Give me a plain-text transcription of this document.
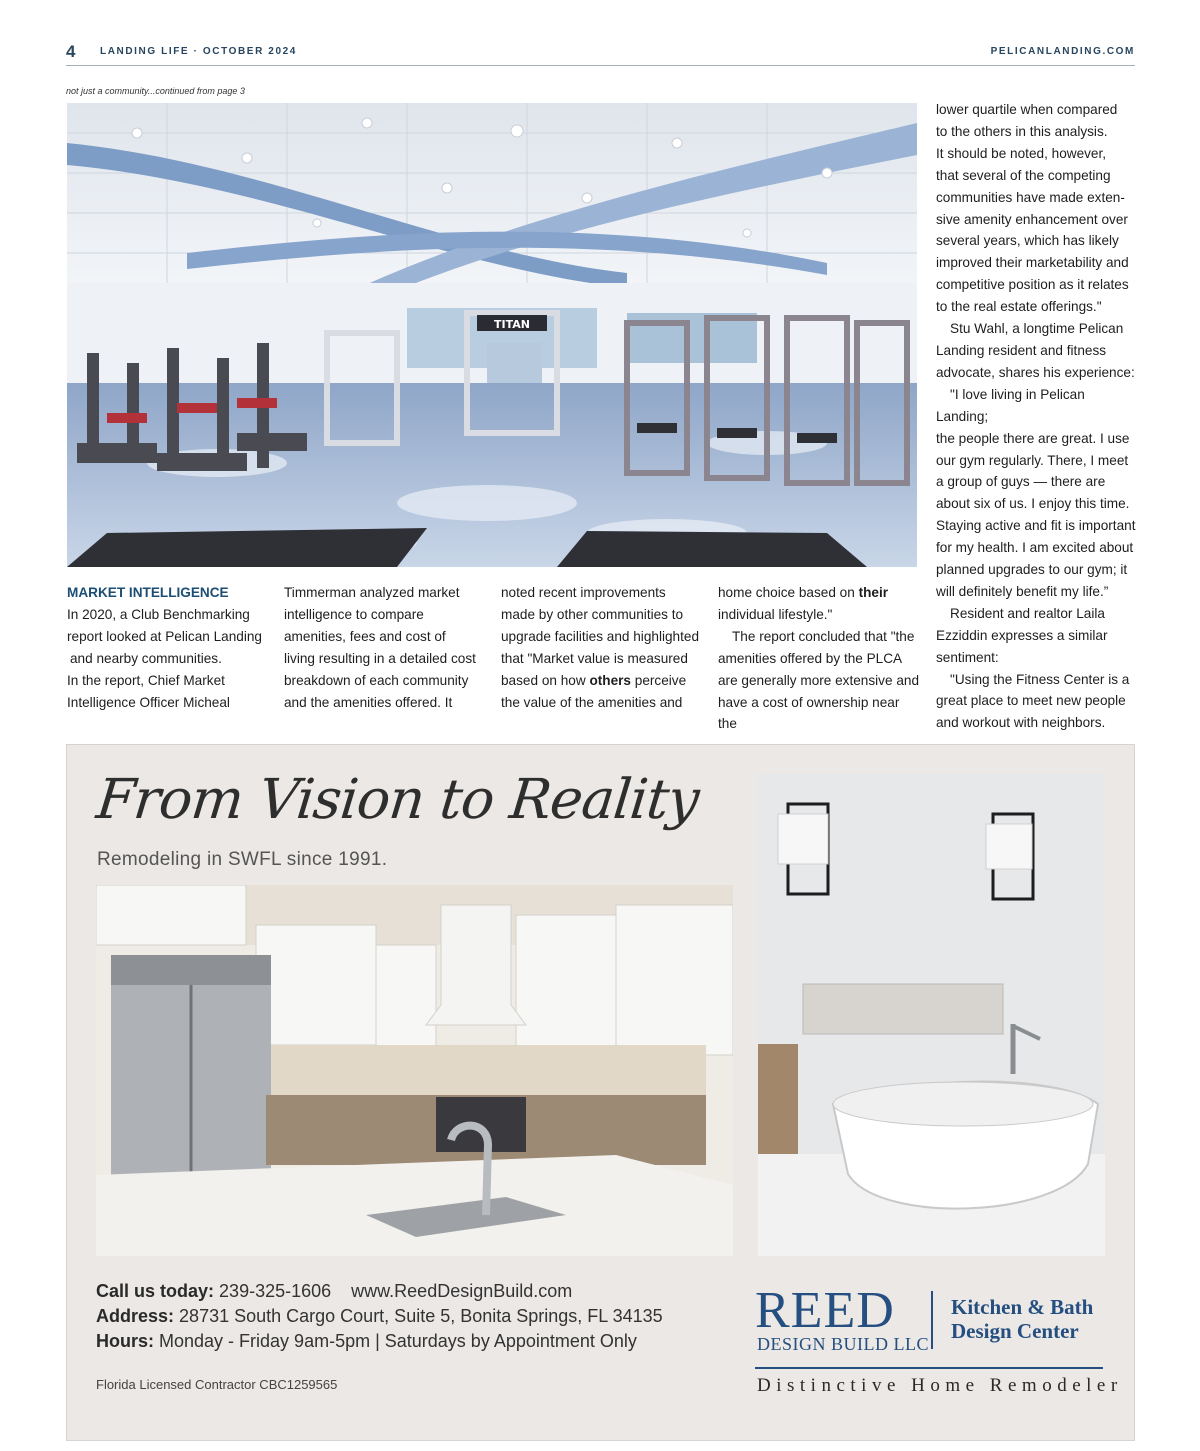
4 LANDING LIFE · OCTOBER 2024	PELICANLANDING.COM
not just a community...continued from page 3
TITAN

MARKET INTELLIGENCE

In 2020, a Club Benchmarking

report looked at Pelican Landing

and nearby communities.

In the report, Chief Market

Intelligence Officer Micheal

Timmerman analyzed market

intelligence to compare

amenities, fees and cost of

living resulting in a detailed cost

breakdown of each community

and the amenities offered. It

noted recent improvements

made by other communities to

upgrade facilities and highlighted

that "Market value is measured

based on how others perceive

the value of the amenities and

home choice based on their

individual lifestyle."

The report concluded that "the

amenities offered by the PLCA

are generally more extensive and

have a cost of ownership near the

lower quartile when compared

to the others in this analysis.

It should be noted, however,

that several of the competing

communities have made exten-

sive amenity enhancement over

several years, which has likely

improved their marketability and

competitive position as it relates

to the real estate offerings."

Stu Wahl, a longtime Pelican

Landing resident and fitness

advocate, shares his experience:

"I love living in Pelican Landing;

the people there are great. I use

our gym regularly. There, I meet

a group of guys — there are

about six of us. I enjoy this time.

Staying active and fit is important

for my health. I am excited about

planned upgrades to our gym; it

will definitely benefit my life.”

Resident and realtor Laila

Ezziddin expresses a similar

sentiment:

"Using the Fitness Center is a

great place to meet new people

and workout with neighbors.

From Vision to Reality
Remodeling in SWFL since 1991.
Call us today: 239-325-1606 www.ReedDesignBuild.com
Address: 28731 South Cargo Court, Suite 5, Bonita Springs, FL 34135
Hours: Monday - Friday 9am-5pm | Saturdays by Appointment Only
Florida Licensed Contractor CBC1259565
REED
DESIGN BUILD LLC
Kitchen & Bath
Design Center
Distinctive Home Remodeler
